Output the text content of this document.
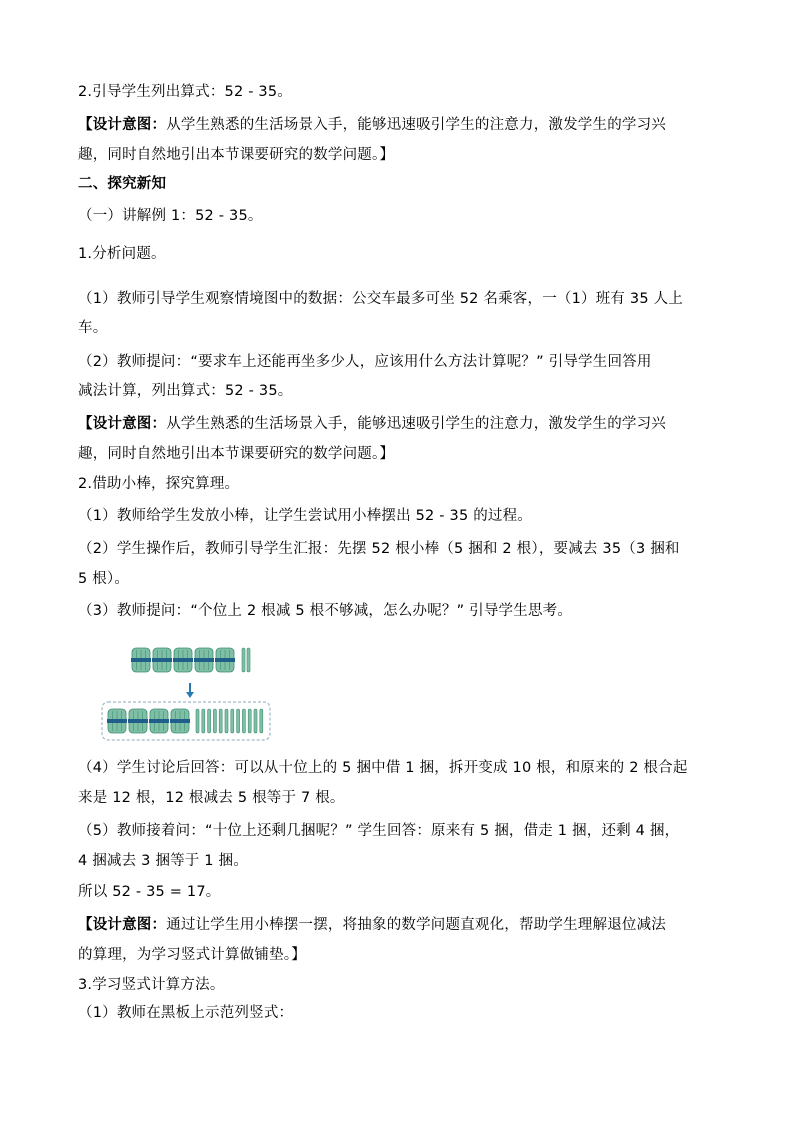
2.引导学生列出算式：52 - 35。
【设计意图：从学生熟悉的生活场景入手，能够迅速吸引学生的注意力，激发学生的学习兴
趣，同时自然地引出本节课要研究的数学问题。】
二、探究新知
（一）讲解例 1：52 - 35。
1.分析问题。
（1）教师引导学生观察情境图中的数据：公交车最多可坐 52 名乘客，一（1）班有 35 人上
车。
（2）教师提问：“要求车上还能再坐多少人，应该用什么方法计算呢？” 引导学生回答用
减法计算，列出算式：52 - 35。
【设计意图：从学生熟悉的生活场景入手，能够迅速吸引学生的注意力，激发学生的学习兴
趣，同时自然地引出本节课要研究的数学问题。】
2.借助小棒，探究算理。
（1）教师给学生发放小棒，让学生尝试用小棒摆出 52 - 35 的过程。
（2）学生操作后，教师引导学生汇报：先摆 52 根小棒（5 捆和 2 根），要减去 35（3 捆和
5 根）。
（3）教师提问：“个位上 2 根减 5 根不够减，怎么办呢？” 引导学生思考。
（4）学生讨论后回答：可以从十位上的 5 捆中借 1 捆，拆开变成 10 根，和原来的 2 根合起
来是 12 根，12 根减去 5 根等于 7 根。
（5）教师接着问：“十位上还剩几捆呢？” 学生回答：原来有 5 捆，借走 1 捆，还剩 4 捆，
4 捆减去 3 捆等于 1 捆。
所以 52 - 35 = 17。
【设计意图：通过让学生用小棒摆一摆，将抽象的数学问题直观化，帮助学生理解退位减法
的算理，为学习竖式计算做铺垫。】
3.学习竖式计算方法。
（1）教师在黑板上示范列竖式：
